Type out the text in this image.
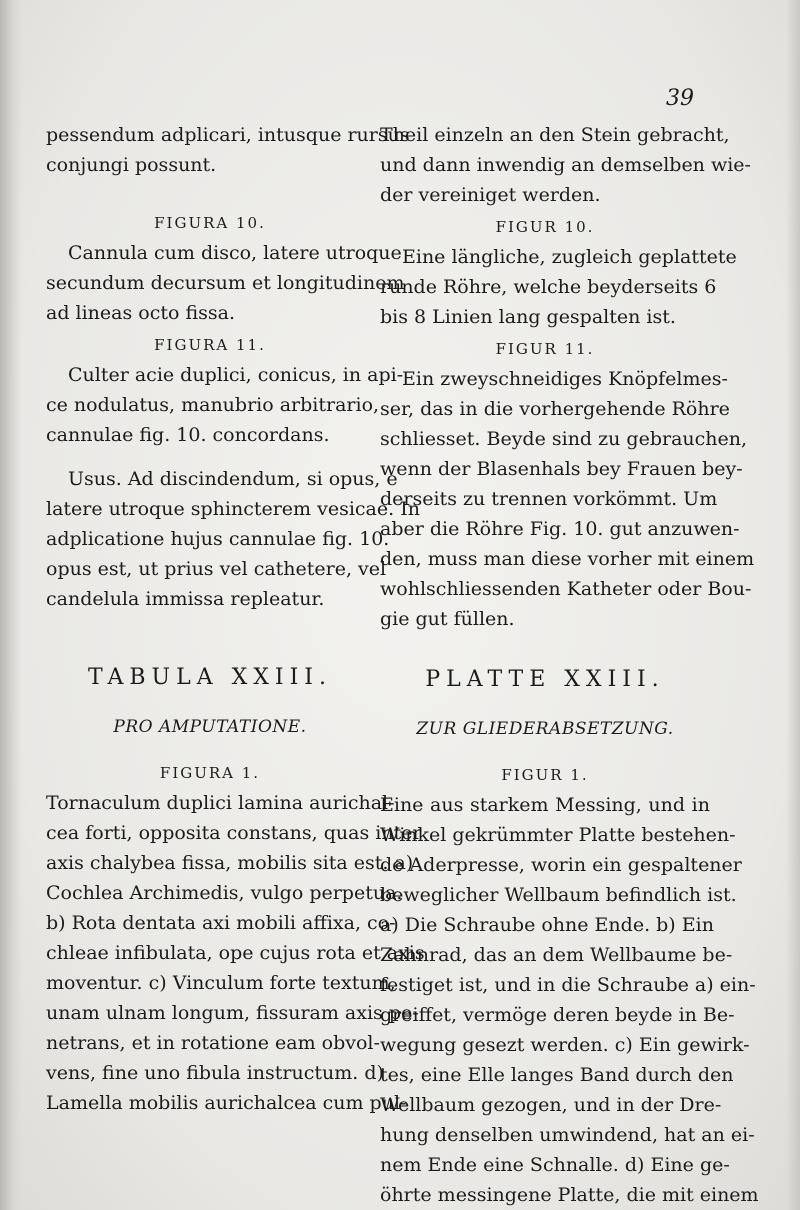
39
pessendum adplicari, intusque rursus
conjungi possunt.
FIGURA 10.
Cannula cum disco, latere utroque
secundum decursum et longitudinem
ad lineas octo fissa.
FIGURA 11.
Culter acie duplici, conicus, in api-
ce nodulatus, manubrio arbitrario,
cannulae fig. 10. concordans.
Usus. Ad discindendum, si opus, e
latere utroque sphincterem vesicae. In
adplicatione hujus cannulae fig. 10.
opus est, ut prius vel cathetere, vel
candelula immissa repleatur.
TABULA XXIII.
PRO AMPUTATIONE.
FIGURA 1.
Tornaculum duplici lamina aurichal-
cea forti, opposita constans, quas inter
axis chalybea fissa, mobilis sita est. a)
Cochlea Archimedis, vulgo perpetua.
b) Rota dentata axi mobili affixa, co-
chleae infibulata, ope cujus rota et axis
moventur. c) Vinculum forte textum,
unam ulnam longum, fissuram axis pe-
netrans, et in rotatione eam obvol-
vens, fine uno fibula instructum. d)
Lamella mobilis aurichalcea cum pul-
Theil einzeln an den Stein gebracht,
und dann inwendig an demselben wie-
der vereiniget werden.
FIGUR 10.
Eine längliche, zugleich geplattete
runde Röhre, welche beyderseits 6
bis 8 Linien lang gespalten ist.
FIGUR 11.
Ein zweyschneidiges Knöpfelmes-
ser, das in die vorhergehende Röhre
schliesset. Beyde sind zu gebrauchen,
wenn der Blasenhals bey Frauen bey-
derseits zu trennen vorkömmt. Um
aber die Röhre Fig. 10. gut anzuwen-
den, muss man diese vorher mit einem
wohlschliessenden Katheter oder Bou-
gie gut füllen.
PLATTE XXIII.
ZUR GLIEDERABSETZUNG.
FIGUR 1.
Eine aus starkem Messing, und in
Winkel gekrümmter Platte bestehen-
de Aderpresse, worin ein gespaltener
beweglicher Wellbaum befindlich ist.
a) Die Schraube ohne Ende. b) Ein
Zahnrad, das an dem Wellbaume be-
festiget ist, und in die Schraube a) ein-
greiffet, vermöge deren beyde in Be-
wegung gesezt werden. c) Ein gewirk-
tes, eine Elle langes Band durch den
Wellbaum gezogen, und in der Dre-
hung denselben umwindend, hat an ei-
nem Ende eine Schnalle. d) Eine ge-
öhrte messingene Platte, die mit einem
